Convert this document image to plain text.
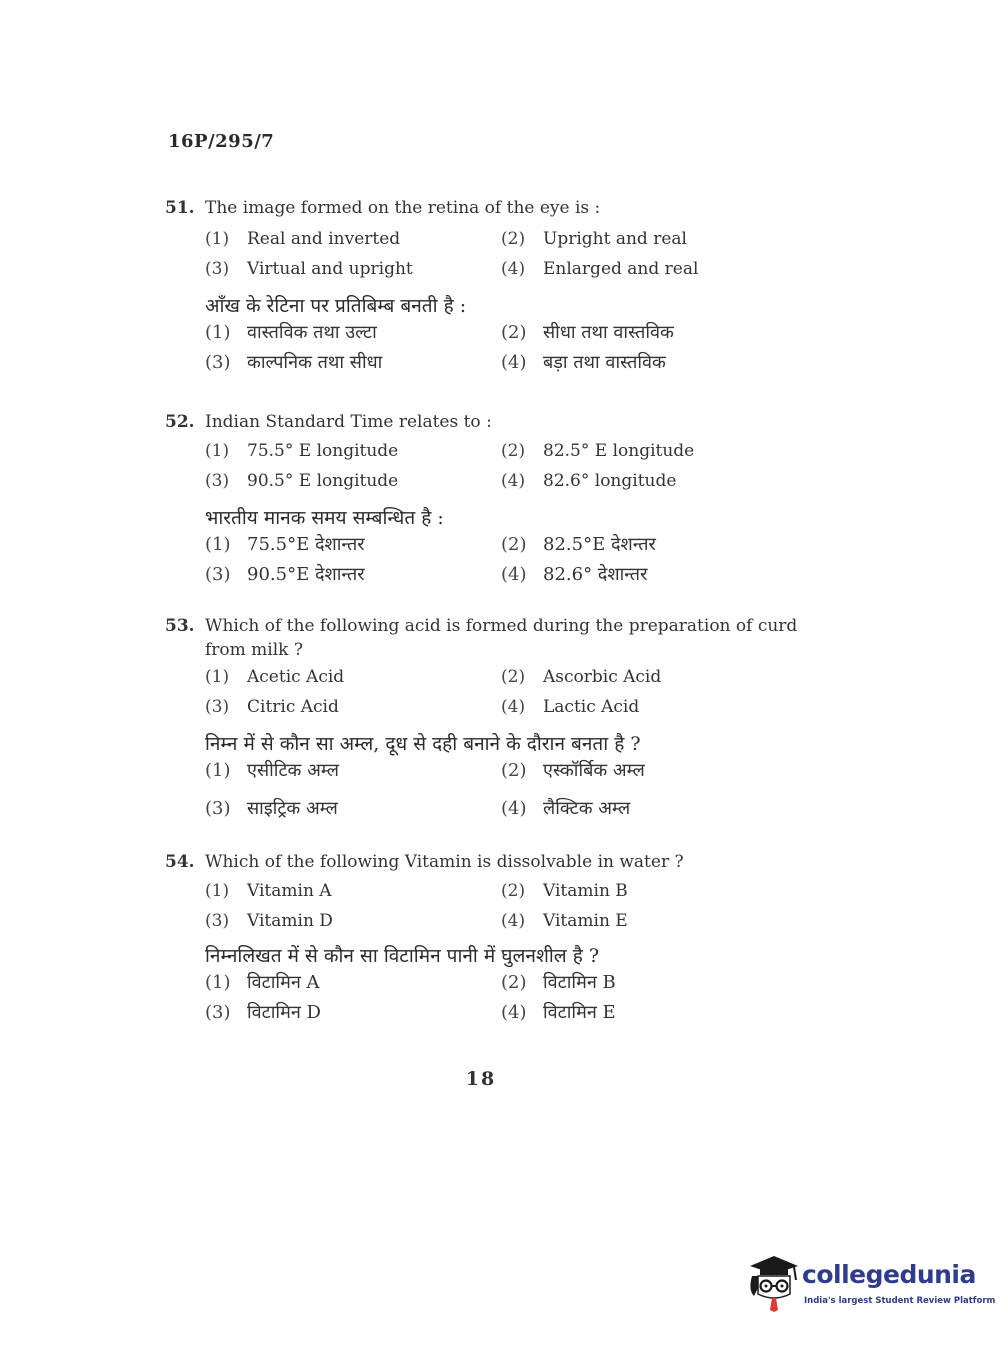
16P/295/7
51. The image formed on the retina of the eye is :
(1)	Real and inverted	(2)	Upright and real
(3)	Virtual and upright	(4)	Enlarged and real
आँख के रेटिना पर प्रतिबिम्ब बनती है :
(1) वास्तविक तथा उल्टा	(2) सीधा तथा वास्तविक
(3) काल्पनिक तथा सीधा	(4) बड़ा तथा वास्तविक
52. Indian Standard Time relates to :
(1)	75.5° E longitude	(2)	82.5° E longitude
(3)	90.5° E longitude	(4)	82.6° longitude
भारतीय मानक समय सम्बन्धित है :
(1) 75.5°E देशान्तर	(2) 82.5°E देशन्तर
(3) 90.5°E देशान्तर	(4) 82.6° देशान्तर
53. Which of the following acid is formed during the preparation of curd from milk ?
(1)	Acetic Acid	(2)	Ascorbic Acid
(3)	Citric Acid	(4)	Lactic Acid
निम्न में से कौन सा अम्ल, दूध से दही बनाने के दौरान बनता है ?
(1) एसीटिक अम्ल	(2) एस्कॉर्बिक अम्ल
(3) साइट्रिक अम्ल	(4) लैक्टिक अम्ल
54. Which of the following Vitamin is dissolvable in water ?
(1)	Vitamin A	(2)	Vitamin B
(3)	Vitamin D	(4)	Vitamin E
निम्नलिखत में से कौन सा विटामिन पानी में घुलनशील है ?
(1) विटामिन A	(2) विटामिन B
(3) विटामिन D	(4) विटामिन E
18
collegedunia
India's largest Student Review Platform
